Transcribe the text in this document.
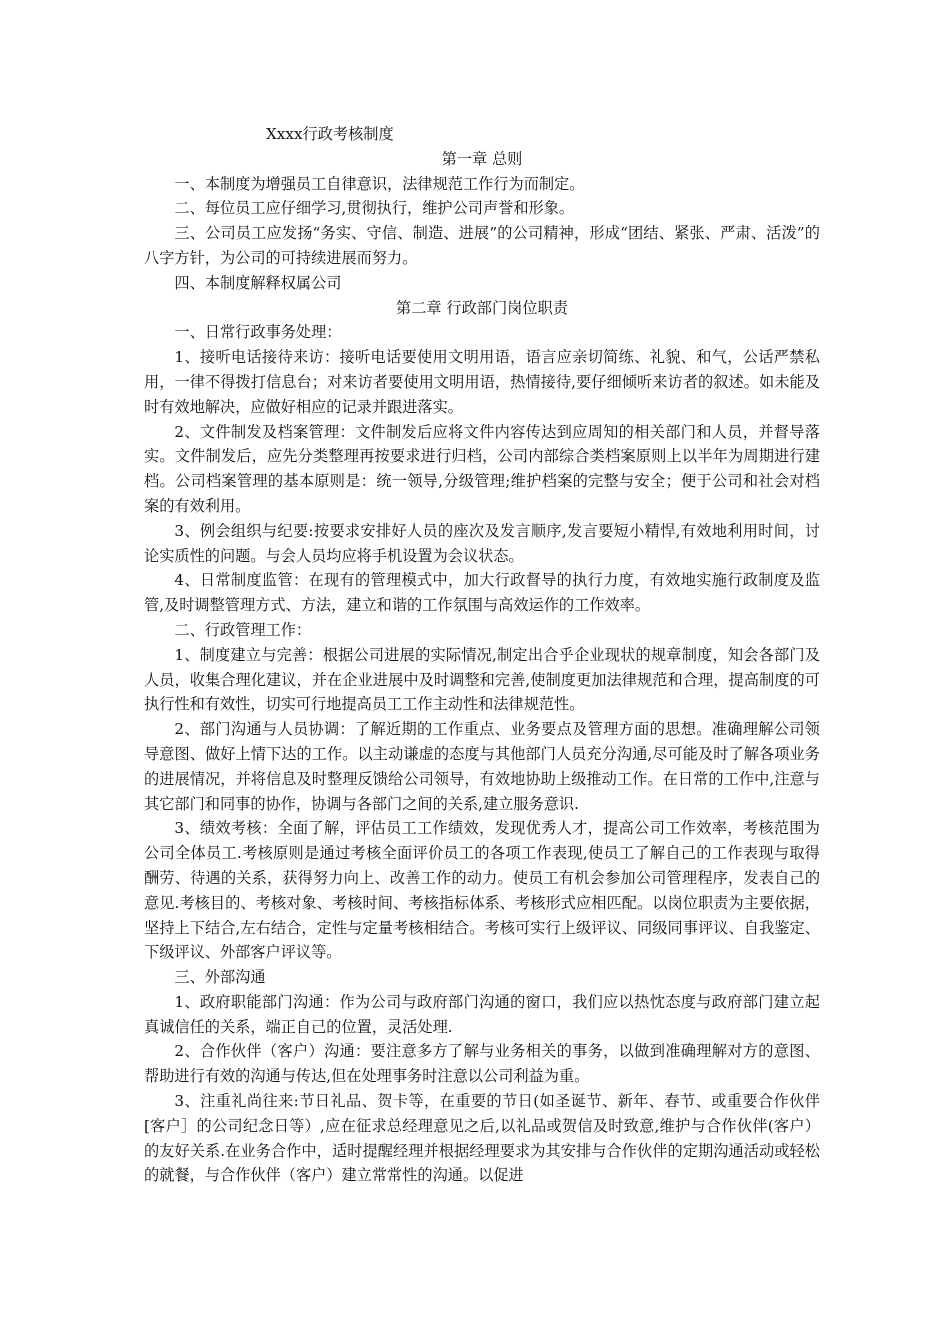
Xxxx行政考核制度
第一章 总则

一、本制度为增强员工自律意识，法律规范工作行为而制定。

二、每位员工应仔细学习,贯彻执行，维护公司声誉和形象。

三、公司员工应发扬“务实、守信、制造、进展”的公司精神，形成“团结、紧张、严肃、活泼”的八字方针，为公司的可持续进展而努力。

四、本制度解释权属公司

第二章 行政部门岗位职责

一、日常行政事务处理：

1、接听电话接待来访：接听电话要使用文明用语，语言应亲切简练、礼貌、和气，公话严禁私用，一律不得拨打信息台；对来访者要使用文明用语，热情接待,要仔细倾听来访者的叙述。如未能及时有效地解决，应做好相应的记录并跟进落实。

2、文件制发及档案管理：文件制发后应将文件内容传达到应周知的相关部门和人员，并督导落实。文件制发后，应先分类整理再按要求进行归档，公司内部综合类档案原则上以半年为周期进行建档。公司档案管理的基本原则是：统一领导,分级管理;维护档案的完整与安全；便于公司和社会对档案的有效利用。

3、例会组织与纪要:按要求安排好人员的座次及发言顺序,发言要短小精悍,有效地利用时间，讨论实质性的问题。与会人员均应将手机设置为会议状态。

4、日常制度监管：在现有的管理模式中，加大行政督导的执行力度，有效地实施行政制度及监管,及时调整管理方式、方法，建立和谐的工作氛围与高效运作的工作效率。

二、行政管理工作：

1、制度建立与完善：根据公司进展的实际情况,制定出合乎企业现状的规章制度，知会各部门及人员，收集合理化建议，并在企业进展中及时调整和完善,使制度更加法律规范和合理，提高制度的可执行性和有效性，切实可行地提高员工工作主动性和法律规范性。

2、部门沟通与人员协调：了解近期的工作重点、业务要点及管理方面的思想。准确理解公司领导意图、做好上情下达的工作。以主动谦虚的态度与其他部门人员充分沟通,尽可能及时了解各项业务的进展情况，并将信息及时整理反馈给公司领导，有效地协助上级推动工作。在日常的工作中,注意与其它部门和同事的协作，协调与各部门之间的关系,建立服务意识.

3、绩效考核：全面了解，评估员工工作绩效，发现优秀人才，提高公司工作效率，考核范围为公司全体员工.考核原则是通过考核全面评价员工的各项工作表现,使员工了解自己的工作表现与取得酬劳、待遇的关系，获得努力向上、改善工作的动力。使员工有机会参加公司管理程序，发表自己的意见.考核目的、考核对象、考核时间、考核指标体系、考核形式应相匹配。以岗位职责为主要依据，坚持上下结合,左右结合，定性与定量考核相结合。考核可实行上级评议、同级同事评议、自我鉴定、下级评议、外部客户评议等。

三、外部沟通

1、政府职能部门沟通：作为公司与政府部门沟通的窗口，我们应以热忱态度与政府部门建立起真诚信任的关系，端正自己的位置，灵活处理.

2、合作伙伴（客户）沟通：要注意多方了解与业务相关的事务，以做到准确理解对方的意图、帮助进行有效的沟通与传达,但在处理事务时注意以公司利益为重。

3、注重礼尚往来:节日礼品、贺卡等，在重要的节日(如圣诞节、新年、春节、或重要合作伙伴[客户］的公司纪念日等）,应在征求总经理意见之后,以礼品或贺信及时致意,维护与合作伙伴(客户）的友好关系.在业务合作中，适时提醒经理并根据经理要求为其安排与合作伙伴的定期沟通活动或轻松的就餐，与合作伙伴（客户）建立常常性的沟通。以促进
